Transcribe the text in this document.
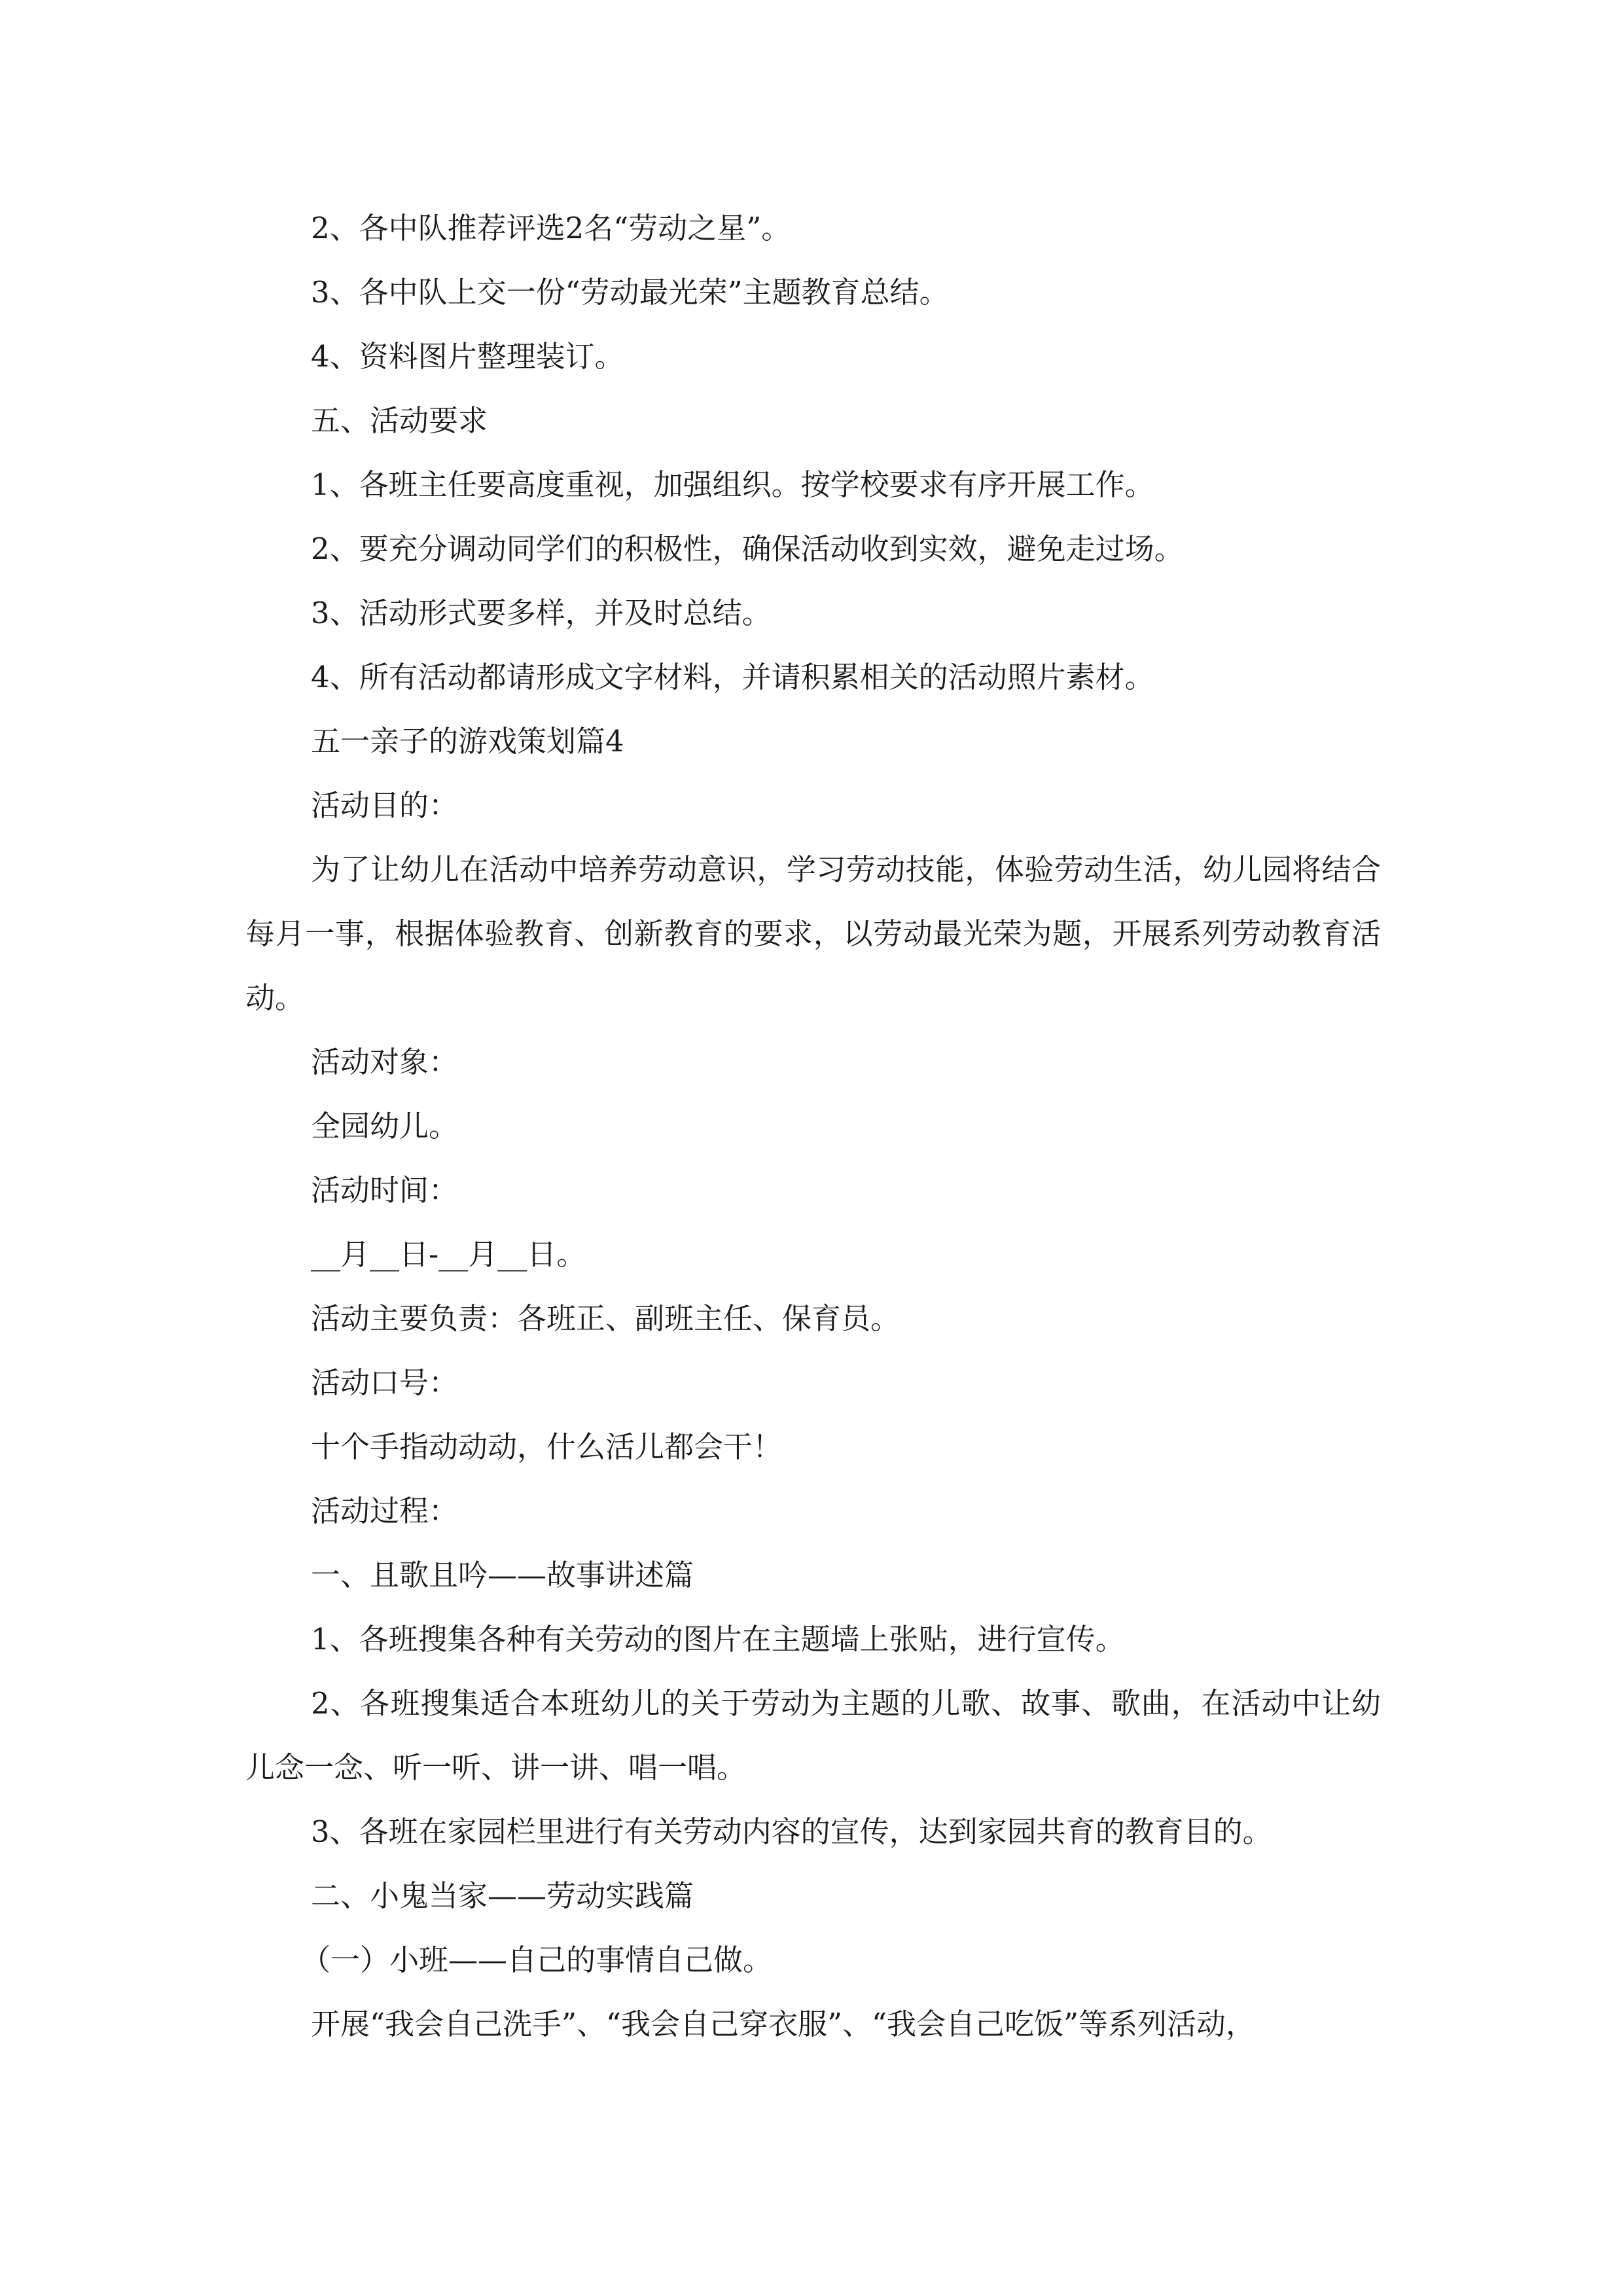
2、各中队推荐评选2名“劳动之星”。

3、各中队上交一份“劳动最光荣”主题教育总结。

4、资料图片整理装订。

五、活动要求

1、各班主任要高度重视，加强组织。按学校要求有序开展工作。

2、要充分调动同学们的积极性，确保活动收到实效，避免走过场。

3、活动形式要多样，并及时总结。

4、所有活动都请形成文字材料，并请积累相关的活动照片素材。

五一亲子的游戏策划篇4

活动目的：

为了让幼儿在活动中培养劳动意识，学习劳动技能，体验劳动生活，幼儿园将结合每月一事，根据体验教育、创新教育的要求，以劳动最光荣为题，开展系列劳动教育活动。

活动对象：

全园幼儿。

活动时间：

__月__日-__月__日。

活动主要负责：各班正、副班主任、保育员。

活动口号：

十个手指动动动，什么活儿都会干！

活动过程：

一、且歌且吟——故事讲述篇

1、各班搜集各种有关劳动的图片在主题墙上张贴，进行宣传。

2、各班搜集适合本班幼儿的关于劳动为主题的儿歌、故事、歌曲，在活动中让幼儿念一念、听一听、讲一讲、唱一唱。

3、各班在家园栏里进行有关劳动内容的宣传，达到家园共育的教育目的。

二、小鬼当家——劳动实践篇

（一）小班——自己的事情自己做。

开展“我会自己洗手”、“我会自己穿衣服”、“我会自己吃饭”等系列活动，
